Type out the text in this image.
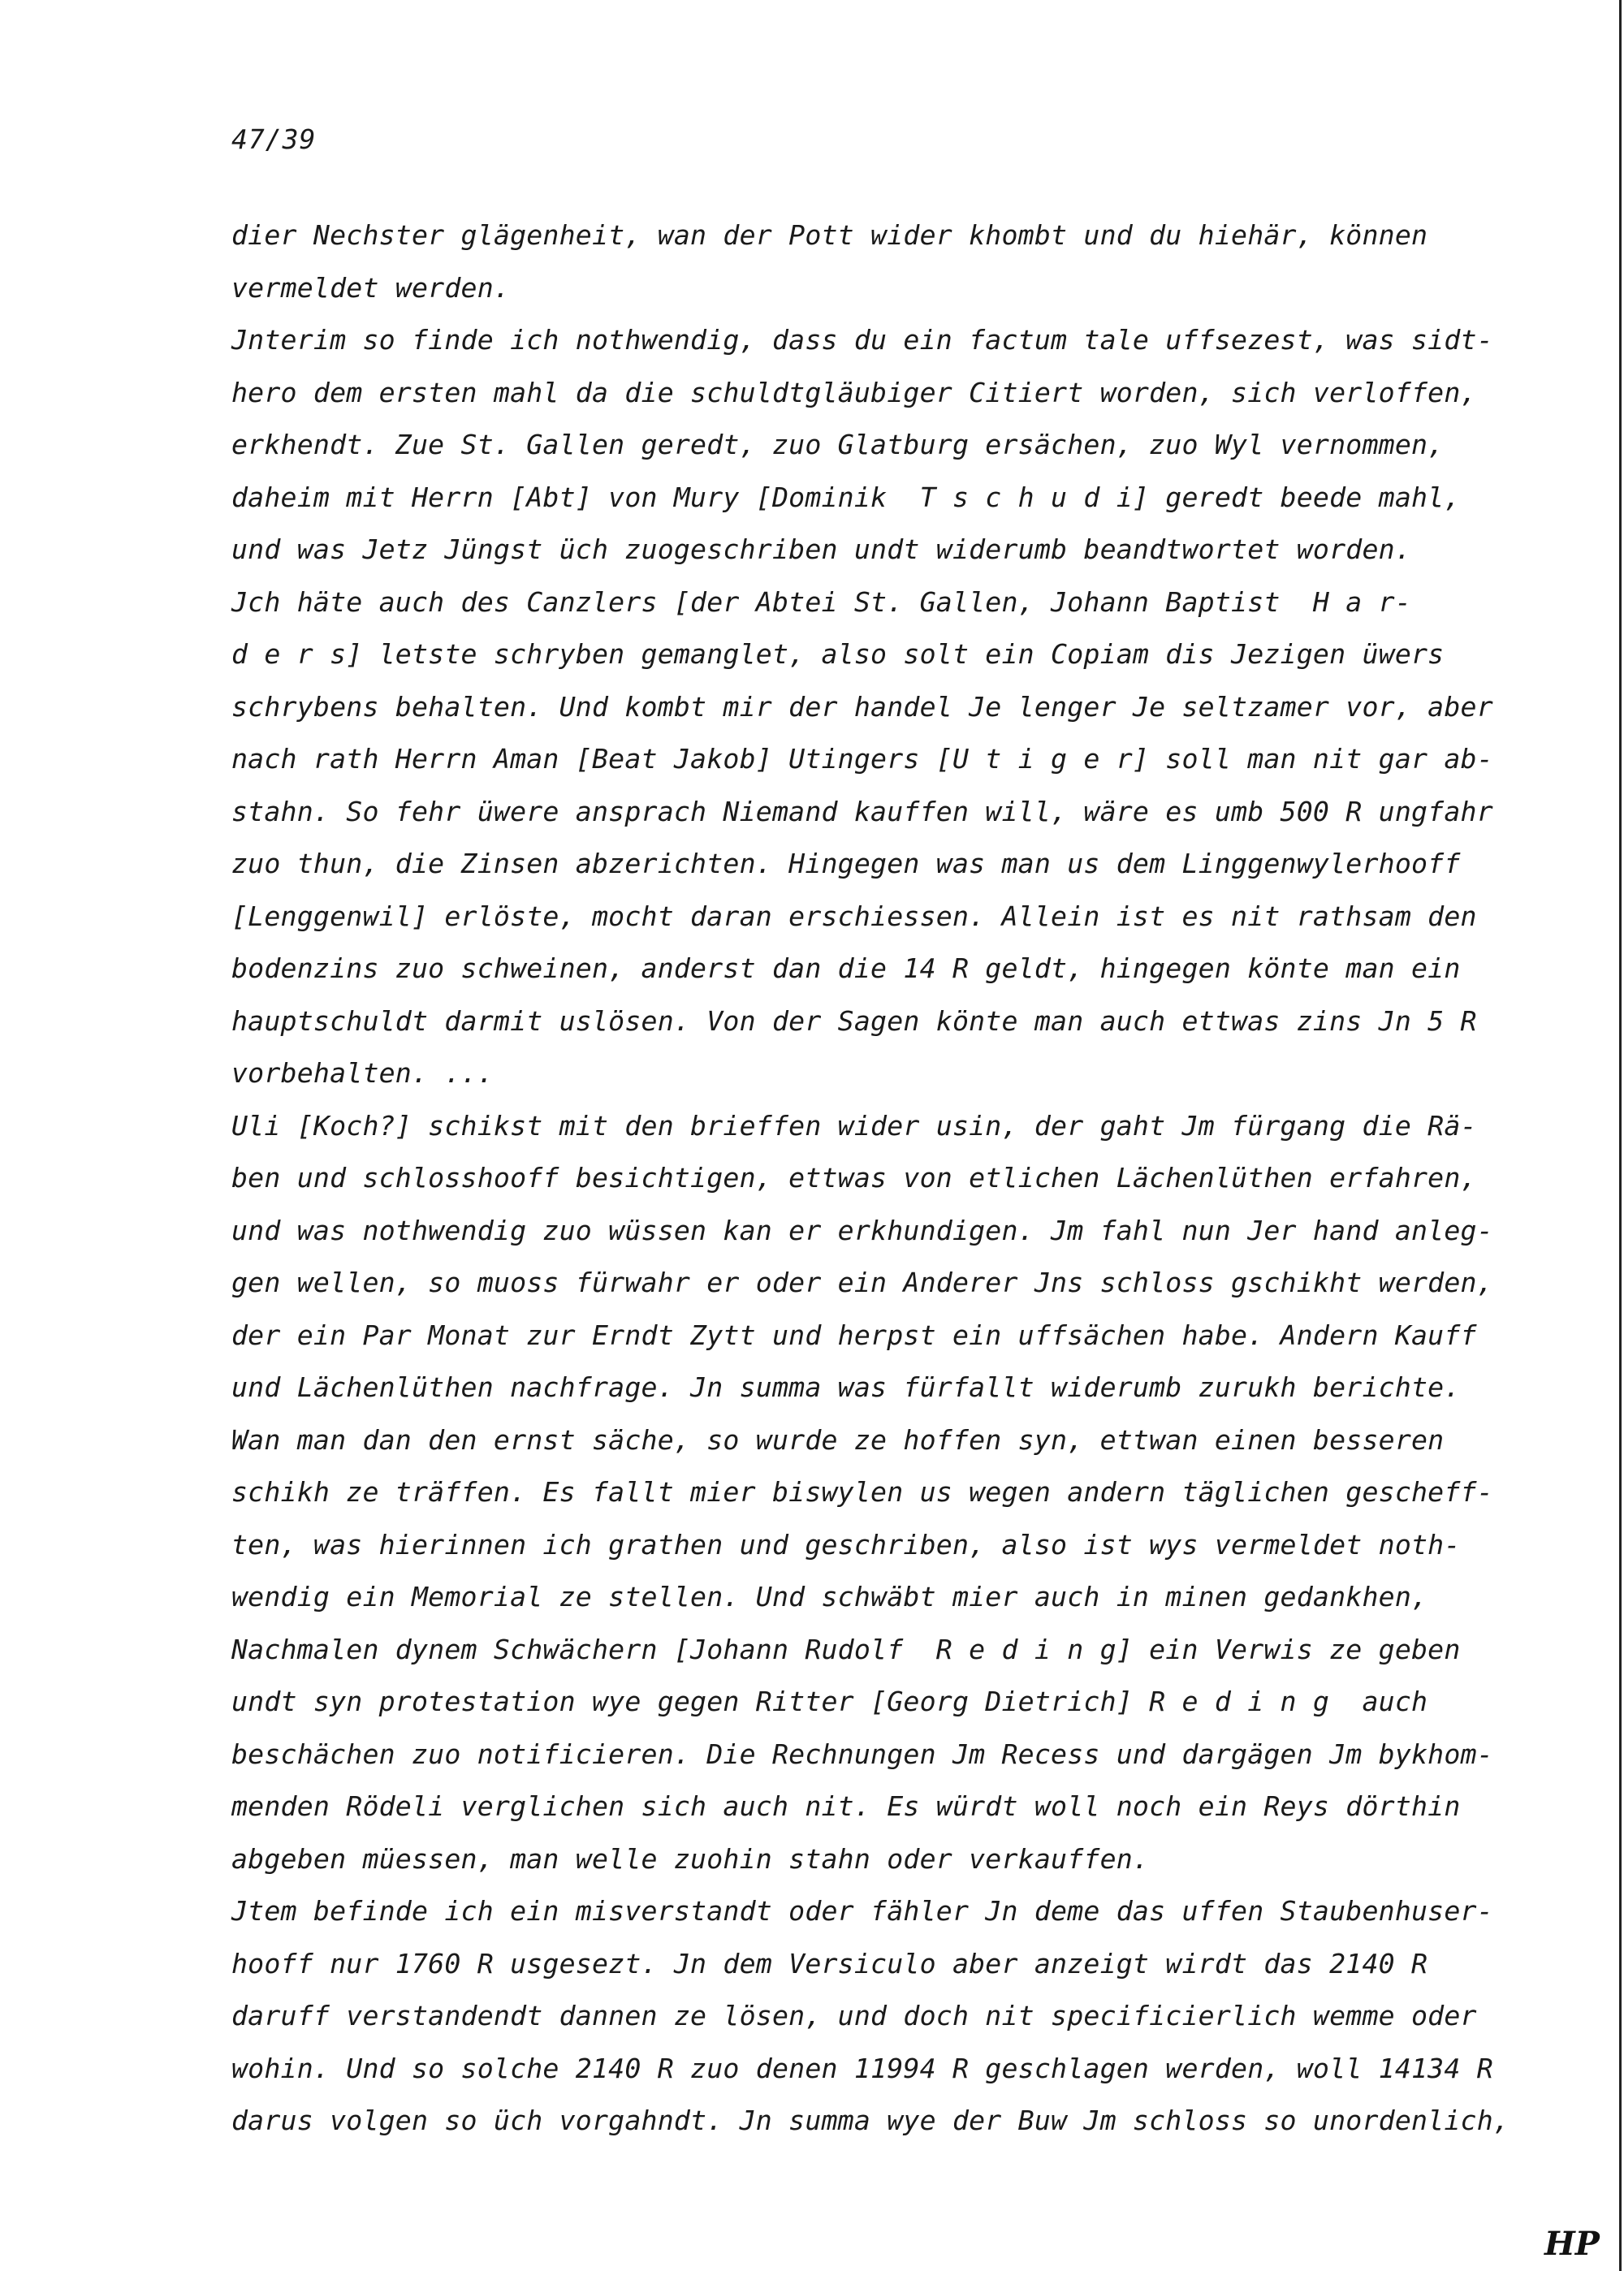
47/39
dier Nechster glägenheit, wan der Pott wider khombt und du hiehär, können
vermeldet werden.
Jnterim so finde ich nothwendig, dass du ein factum tale uffsezest, was sidt-
hero dem ersten mahl da die schuldtgläubiger Citiert worden, sich verloffen,
erkhendt. Zue St. Gallen geredt, zuo Glatburg ersächen, zuo Wyl vernommen,
daheim mit Herrn [Abt] von Mury [Dominik  T s c h u d i] geredt beede mahl,
und was Jetz Jüngst üch zuogeschriben undt widerumb beandtwortet worden.
Jch häte auch des Canzlers [der Abtei St. Gallen, Johann Baptist  H a r-
d e r s] letste schryben gemanglet, also solt ein Copiam dis Jezigen üwers
schrybens behalten. Und kombt mir der handel Je lenger Je seltzamer vor, aber
nach rath Herrn Aman [Beat Jakob] Utingers [U t i g e r] soll man nit gar ab-
stahn. So fehr üwere ansprach Niemand kauffen will, wäre es umb 500 R ungfahr
zuo thun, die Zinsen abzerichten. Hingegen was man us dem Linggenwylerhooff
[Lenggenwil] erlöste, mocht daran erschiessen. Allein ist es nit rathsam den
bodenzins zuo schweinen, anderst dan die 14 R geldt, hingegen könte man ein
hauptschuldt darmit uslösen. Von der Sagen könte man auch ettwas zins Jn 5 R
vorbehalten. ...
Uli [Koch?] schikst mit den brieffen wider usin, der gaht Jm fürgang die Rä-
ben und schlosshooff besichtigen, ettwas von etlichen Lächenlüthen erfahren,
und was nothwendig zuo wüssen kan er erkhundigen. Jm fahl nun Jer hand anleg-
gen wellen, so muoss fürwahr er oder ein Anderer Jns schloss gschikht werden,
der ein Par Monat zur Erndt Zytt und herpst ein uffsächen habe. Andern Kauff
und Lächenlüthen nachfrage. Jn summa was fürfallt widerumb zurukh berichte.
Wan man dan den ernst säche, so wurde ze hoffen syn, ettwan einen besseren
schikh ze träffen. Es fallt mier biswylen us wegen andern täglichen gescheff-
ten, was hierinnen ich grathen und geschriben, also ist wys vermeldet noth-
wendig ein Memorial ze stellen. Und schwäbt mier auch in minen gedankhen,
Nachmalen dynem Schwächern [Johann Rudolf  R e d i n g] ein Verwis ze geben
undt syn protestation wye gegen Ritter [Georg Dietrich] R e d i n g  auch
beschächen zuo notificieren. Die Rechnungen Jm Recess und dargägen Jm bykhom-
menden Rödeli verglichen sich auch nit. Es würdt woll noch ein Reys dörthin
abgeben müessen, man welle zuohin stahn oder verkauffen.
Jtem befinde ich ein misverstandt oder fähler Jn deme das uffen Staubenhuser-
hooff nur 1760 R usgesezt. Jn dem Versiculo aber anzeigt wirdt das 2140 R
daruff verstandendt dannen ze lösen, und doch nit specificierlich wemme oder
wohin. Und so solche 2140 R zuo denen 11994 R geschlagen werden, woll 14134 R
darus volgen so üch vorgahndt. Jn summa wye der Buw Jm schloss so unordenlich,
HP
